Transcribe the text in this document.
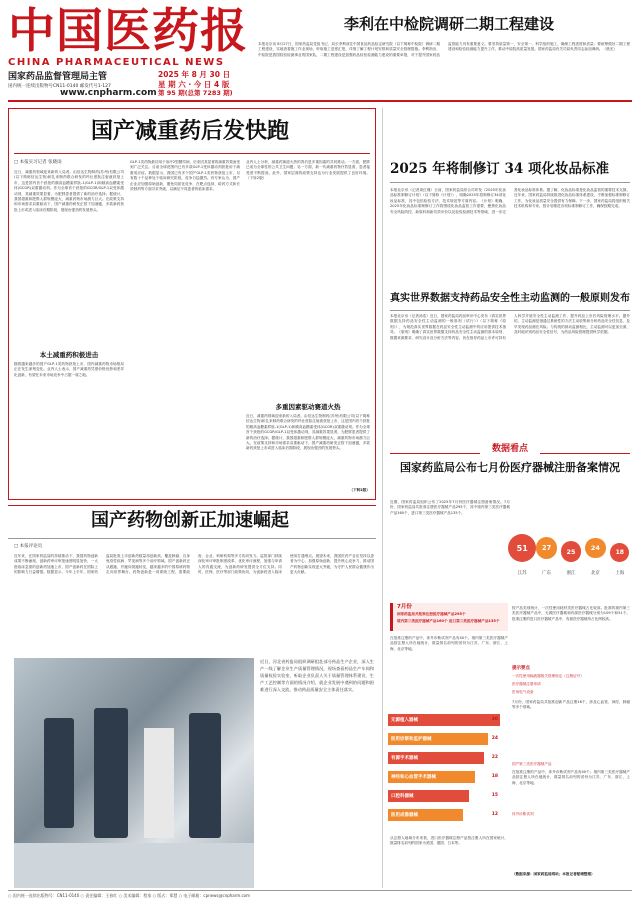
中国医药报
CHINA PHARMACEUTICAL NEWS
国家药品监督管理局主管
国内统一连续出版物号CN11-0140 邮发代号1-127
www.cnpharm.com
2025 年 8 月 30 日
星 期 六 · 今 日 4 版
第 95 期(总第 7283 期)
李利在中检院调研二期工程建设
本报北京讯 8月27日，国家药监局党组书记、局长李利前往中国食品药品检定研究院（以下简称中检院）调研二期工程建设，实地查看施工作业现场，听取施工进度汇报，详细了解工程计划安排和质量安全管理措施。李利指出，中检院是我国检验检测事业的国家队，二期工程建设是加强药品检验检测能力建设的重要举措，对于提升国家药品监管能力具有重要意义。要坚持质量第一、安全第一，科学组织施工，确保工程进度和质量；要统筹做好二期工程建设和检验检测能力提升工作，推动中检院高质量发展。国家药监局有关司局负责同志参加调研。（晨光）
国产减重药后发快跑
□ 本报实习记者 张晓雨
近日，减重药领域迎来新的入局者。由信达生物制药(苏州)有限公司(以下简称信达生物)和礼来制药联合研发的玛仕度肽注射液获批上市，这是国内首个获批的胰高血糖素样肽-1(GLP-1)和胰高血糖素受体(GCGR)双重激动剂。作为全球首个获批的GCGR/GLP-1双受体激动剂，其减重效果显著，为肥胖患者提供了新的治疗选择。据统计，我国超重和肥胖人群规模庞大，减重药物市场潜力巨大。在政策支持和市场需求双重驱动下，国产减重药研发正按下加速键，多款新药获批上市或进入临床后期阶段，展现出强劲的发展势头。
本土减重药积极进击
随着越来越多的国产GLP-1类药物获批上市，国内减重药物市场格局正在发生深刻变化。业内人士表示，国产减重药凭借价格优势和差异化创新，有望在未来市场竞争中占据一席之地。
GLP-1类药物最初用于治疗2型糖尿病，后来因其显著的减重效果而受到广泛关注。目前全球范围内已有多款GLP-1受体激动剂获批用于减重适应症。数据显示，我国已有多个国产GLP-1类药物获批上市，另有数十个品种处于临床研究阶段，竞争日趋激烈。有专家认为，国产企业应加强原始创新，避免同质化竞争，在靶点选择、给药方式和长效制剂等方面寻求突破，以满足不同患者的临床需求。
业内人士分析，减重药赛道火热的背后是多重因素的共同推动。一方面，肥胖已成为全球性的公共卫生问题；另一方面，新一代减重药物疗效显著，患者接受度不断提高。此外，国家层面的政策支持也为行业发展提供了良好环境。（下转2版）
多重因素驱动赛道火热
近日，减重药领域迎来新的入局者。由信达生物制药(苏州)有限公司(以下简称信达生物)和礼来制药联合研发的玛仕度肽注射液获批上市，这是国内首个获批的胰高血糖素样肽-1(GLP-1)和胰高血糖素受体(GCGR)双重激动剂。作为全球首个获批的GCGR/GLP-1双受体激动剂，其减重效果显著，为肥胖患者提供了新的治疗选择。据统计，我国超重和肥胖人群规模庞大，减重药物市场潜力巨大。在政策支持和市场需求双重驱动下，国产减重药研发正按下加速键，多款新药获批上市或进入临床后期阶段，展现出强劲的发展势头。
（下转2版）
国产药物创新正加速崛起
□ 本报评论员
近年来，在国家药监局的持续推动下，我国药物创新成果不断涌现，创新药审评审批速度明显加快，一大批临床急需的创新药加速上市，国产创新药在国际上的影响力日益增强。数据显示，今年上半年，国家药监局批准上市创新药数量再创新高，覆盖肿瘤、自身免疫性疾病、罕见病等多个治疗领域。国产创新药正从跟跑、并跑向领跑转变，越来越多的中国原研药物走向世界舞台。药物创新是一项系统工程，需要政府、企业、科研机构等多方协同发力。监管部门持续深化审评审批制度改革，优化审评流程，加强与申请人的沟通交流，为创新药研发提供全方位支持。同时，医保、医疗等部门政策协同，为创新药进入临床使用打通堵点。展望未来，我国医药产业应坚持以患者为中心，加强原始创新，提升核心竞争力，推动国产药物创新实现更大突破，为守护人民群众健康作出更大贡献。
近日，河北省药监局组织调研组赴部分药品生产企业，深入生产一线了解企业生产质量管理情况，现场查看药品生产车间和质量检验实验室，听取企业负责人关于质量管理体系建设、生产工艺控制等方面的情况介绍，就企业发展中遇到的问题和困难进行深入交流，推动药品质量安全主体责任落实。
2025 年将制修订 34 项化妆品标准
本报北京讯（记者周红瑾）日前，国家药监局综合司印发《2025年化妆品标准制修订计划》（以下简称《计划》），明确2025年将制修订34项化妆品标准，其中包括检验方法、技术规范等方面内容。《计划》明确，2025年化妆品标准制修订工作将围绕化妆品监管工作需要，聚焦化妆品安全风险防控、新原料和新功效评价以及检验检测技术等领域，进一步完善化妆品标准体系。据了解，化妆品标准是化妆品监管的重要技术支撑。近年来，国家药监局持续推进化妆品标准体系建设，不断加强标准制修订工作，为化妆品质量安全提供有力保障。下一步，国家药监局将组织相关技术机构和专家，按计划推进各项标准制修订工作，确保按期完成。
真实世界数据支持药品安全性主动监测的一般原则发布
本报北京讯（记者汤浩）近日，国家药监局药品审评中心发布《真实世界数据支持药品安全性主动监测的一般原则（试行）》（以下简称《原则》），为规范真实世界数据在药品安全性主动监测中的应用提供技术指导。《原则》明确了真实世界数据支持药品安全性主动监测的基本原则、数据来源要求、研究设计及分析方法等内容，旨在指导药品上市许可持有人科学开展安全性主动监测工作，提升药品上市后风险管理水平。据介绍，主动监测是指通过系统性的方法主动收集和分析药品安全性信息，及早发现药品潜在风险。与传统的被动监测相比，主动监测可以更加全面、及时地识别药品安全性信号，为药品风险管理提供科学依据。
数据看点
国家药监局公布七月份医疗器械注册备案情况
近期，国家药监局组织公布了2025年7月份医疗器械注册备案情况。7月份，国家药监局共批准注册医疗器械产品295个，其中境内第三类医疗器械产品160个，进口第三类医疗器械产品135个。
51
江苏
27
广东
25
浙江
24
北京
18
上海
7月份
国家药监局共批准注册医疗器械产品295个
境内第三类医疗器械产品160个 进口第三类医疗器械产品135个
在批准注册的产品中，体外诊断试剂产品有40个。境内第三类医疗器械产品按注册人所在地统计，数量排名前列的省份为江苏、广东、浙江、上海、北京等地。
无源植入器械	30
医用诊察和监护器械	24
有源手术器械	22
神经和心血管手术器械	18
口腔科器械	15
医用成像器械	12
从注册人地域分布来看，进口医疗器械注册产品按注册人所在国家统计，数量排名前列的国家为美国、德国、日本等。
按产品类别统计，一次性使用耗材类医疗器械占比较高。批准的境内第三类医疗器械产品中，无源医疗器械和有源医疗器械分别为109个和51个。批准注册的进口医疗器械产品中，有源医疗器械所占比例较高。
提示要点
一次性使用输液器相关管理规定（注册证号）
医疗器械注册申请
医用电气设备
7月份，国家药监局共批准创新产品注册16个，涉及心血管、神经、肿瘤等多个领域。
国产第三类医疗器械产品
在批准注册的产品中，体外诊断试剂产品有40个。境内第三类医疗器械产品按注册人所在地统计，数量排名前列的省份为江苏、广东、浙江、上海、北京等地。
体外诊断试剂
（数据来源：国家药监局网站；本报记者秘靖整理）
○ 国内统一连续出版物号：CN11-0140 ○ 责任编辑：王春红 ○ 美术编辑：程家 ○ 版式：郑慧 ○ 电子邮箱：cpnews@cnpharm.com
